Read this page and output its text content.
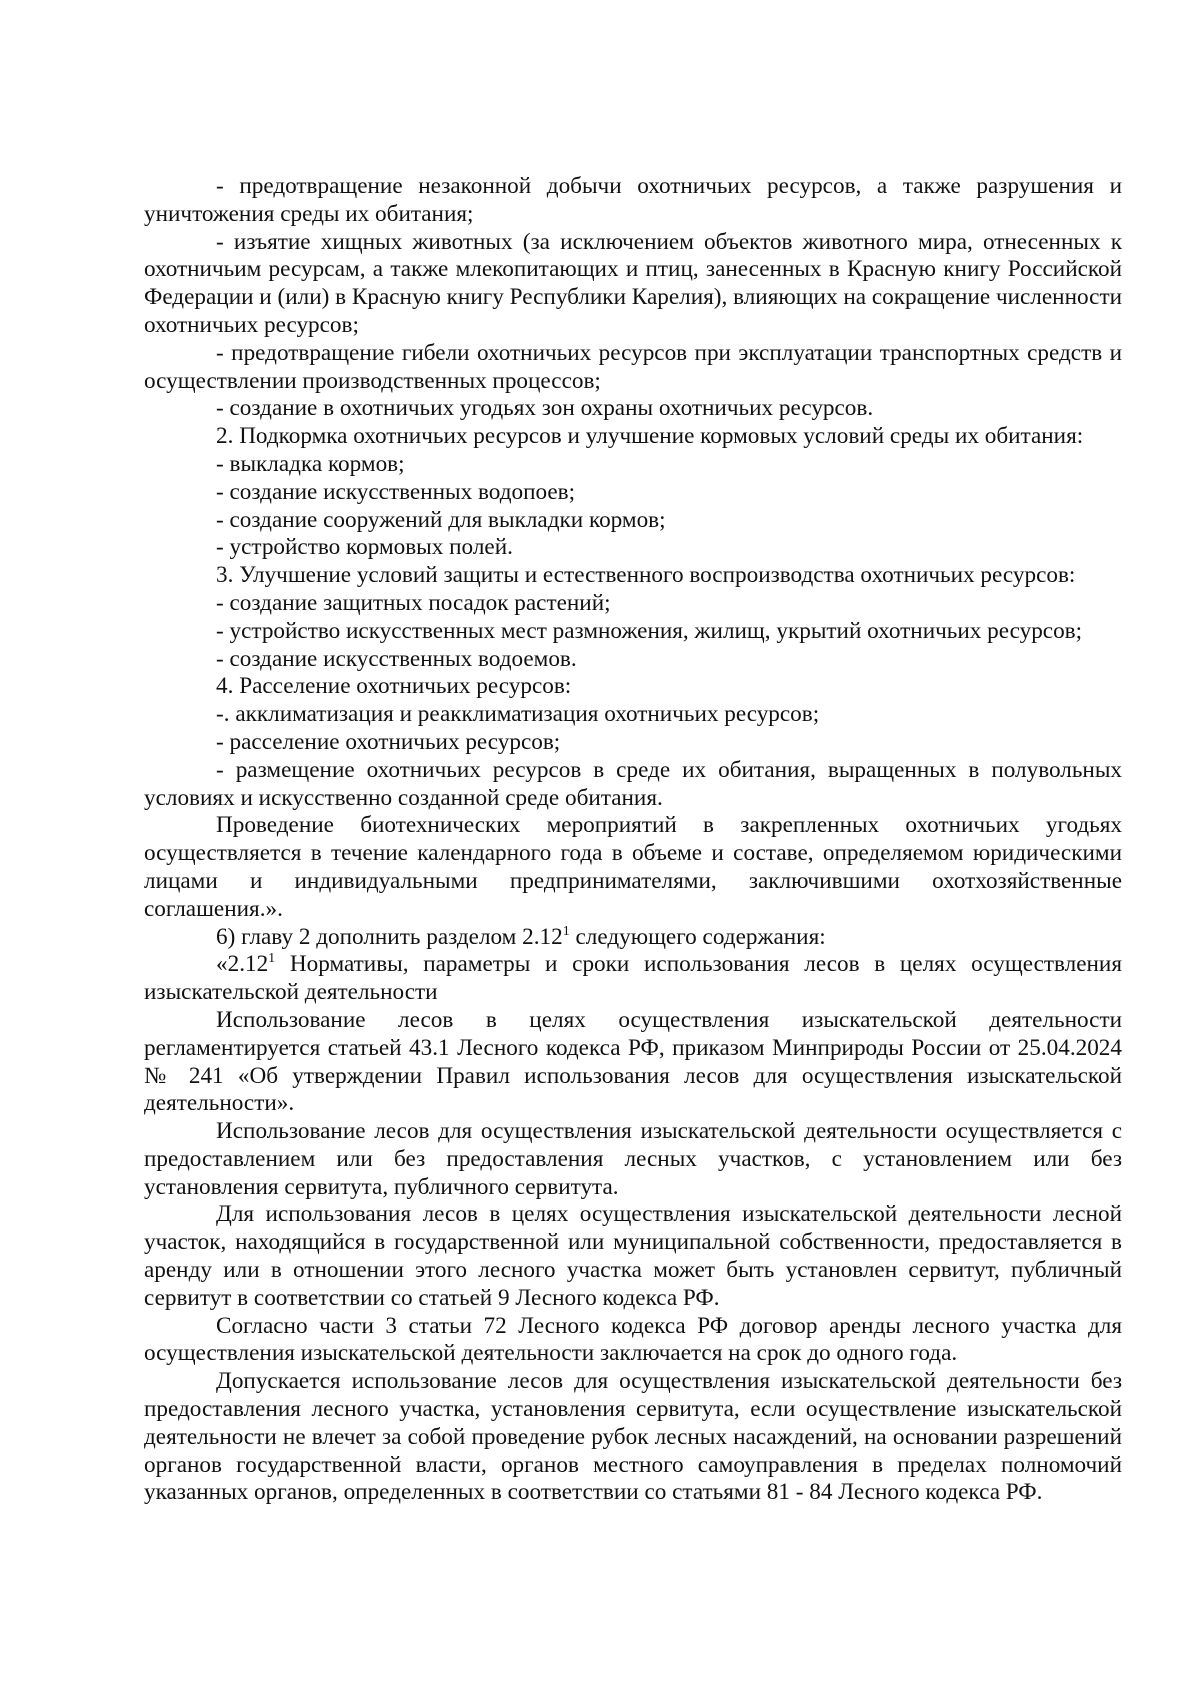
- предотвращение незаконной добычи охотничьих ресурсов, а также разрушения и уничтожения среды их обитания;

- изъятие хищных животных (за исключением объектов животного мира, отнесенных к охотничьим ресурсам, а также млекопитающих и птиц, занесенных в Красную книгу Российской Федерации и (или) в Красную книгу Республики Карелия), влияющих на сокращение численности охотничьих ресурсов;

- предотвращение гибели охотничьих ресурсов при эксплуатации транспортных средств и осуществлении производственных процессов;

- создание в охотничьих угодьях зон охраны охотничьих ресурсов.

2. Подкормка охотничьих ресурсов и улучшение кормовых условий среды их обитания:

- выкладка кормов;

- создание искусственных водопоев;

- создание сооружений для выкладки кормов;

- устройство кормовых полей.

3. Улучшение условий защиты и естественного воспроизводства охотничьих ресурсов:

- создание защитных посадок растений;

- устройство искусственных мест размножения, жилищ, укрытий охотничьих ресурсов;

- создание искусственных водоемов.

4. Расселение охотничьих ресурсов:

-. акклиматизация и реакклиматизация охотничьих ресурсов;

- расселение охотничьих ресурсов;

- размещение охотничьих ресурсов в среде их обитания, выращенных в полувольных условиях и искусственно созданной среде обитания.

Проведение биотехнических мероприятий в закрепленных охотничьих угодьях осуществляется в течение календарного года в объеме и составе, определяемом юридическими лицами и индивидуальными предпринимателями, заключившими охотхозяйственные соглашения.».

6) главу 2 дополнить разделом 2.12$^1$ следующего содержания:

«2.12$^1$ Нормативы, параметры и сроки использования лесов в целях осуществления изыскательской деятельности

Использование лесов в целях осуществления изыскательской деятельности регламентируется статьей 43.1 Лесного кодекса РФ, приказом Минприроды России от 25.04.2024 № 241 «Об утверждении Правил использования лесов для осуществления изыскательской деятельности».

Использование лесов для осуществления изыскательской деятельности осуществляется с предоставлением или без предоставления лесных участков, с установлением или без установления сервитута, публичного сервитута.

Для использования лесов в целях осуществления изыскательской деятельности лесной участок, находящийся в государственной или муниципальной собственности, предоставляется в аренду или в отношении этого лесного участка может быть установлен сервитут, публичный сервитут в соответствии со статьей 9 Лесного кодекса РФ.

Согласно части 3 статьи 72 Лесного кодекса РФ договор аренды лесного участка для осуществления изыскательской деятельности заключается на срок до одного года.

Допускается использование лесов для осуществления изыскательской деятельности без предоставления лесного участка, установления сервитута, если осуществление изыскательской деятельности не влечет за собой проведение рубок лесных насаждений, на основании разрешений органов государственной власти, органов местного самоуправления в пределах полномочий указанных органов, определенных в соответствии со статьями 81 - 84 Лесного кодекса РФ.
